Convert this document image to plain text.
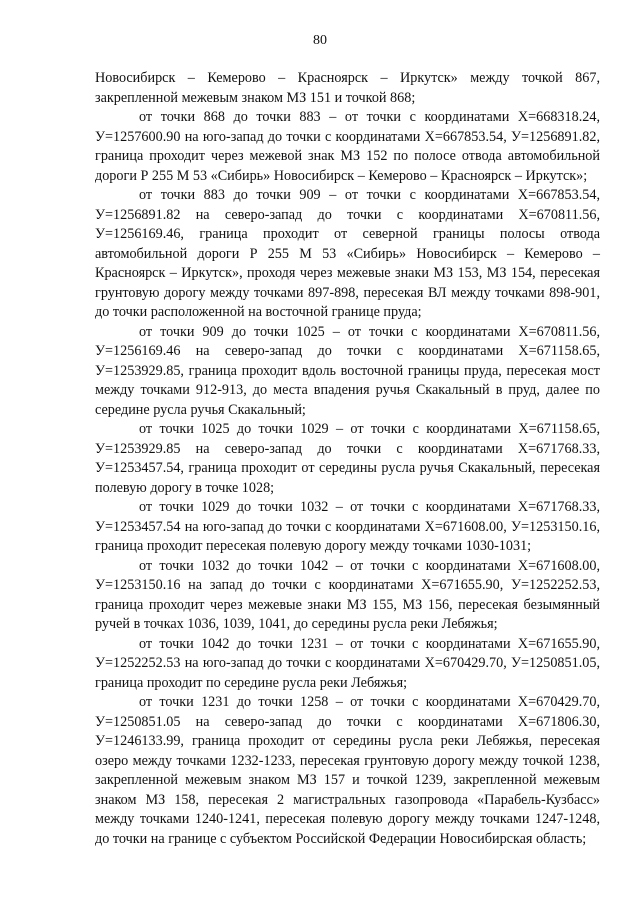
80

Новосибирск – Кемерово – Красноярск – Иркутск» между точкой 867, закрепленной межевым знаком МЗ 151 и точкой 868;

от точки 868 до точки 883 – от точки с координатами Х=668318.24, У=1257600.90 на юго-запад до точки с координатами Х=667853.54, У=1256891.82, граница проходит через межевой знак МЗ 152 по полосе отвода автомобильной дороги Р 255 М 53 «Сибирь» Новосибирск – Кемерово – Красноярск – Иркутск»;

от точки 883 до точки 909 – от точки с координатами Х=667853.54, У=1256891.82 на северо-запад до точки с координатами Х=670811.56, У=1256169.46, граница проходит от северной границы полосы отвода автомобильной дороги Р 255 М 53 «Сибирь» Новосибирск – Кемерово – Красноярск – Иркутск», проходя через межевые знаки МЗ 153, МЗ 154, пересекая грунтовую дорогу между точками 897-898, пересекая ВЛ между точками 898-901, до точки расположенной на восточной границе пруда;

от точки 909 до точки 1025 – от точки с координатами Х=670811.56, У=1256169.46 на северо-запад до точки с координатами Х=671158.65, У=1253929.85, граница проходит вдоль восточной границы пруда, пересекая мост между точками 912-913, до места впадения ручья Скакальный в пруд, далее по середине русла ручья Скакальный;

от точки 1025 до точки 1029 – от точки с координатами Х=671158.65, У=1253929.85 на северо-запад до точки с координатами Х=671768.33, У=1253457.54, граница проходит от середины русла ручья Скакальный, пересекая полевую дорогу в точке 1028;

от точки 1029 до точки 1032 – от точки с координатами Х=671768.33, У=1253457.54 на юго-запад до точки с координатами Х=671608.00, У=1253150.16, граница проходит пересекая полевую дорогу между точками 1030-1031;

от точки 1032 до точки 1042 – от точки с координатами Х=671608.00, У=1253150.16 на запад до точки с координатами Х=671655.90, У=1252252.53, граница проходит через межевые знаки МЗ 155, МЗ 156, пересекая безымянный ручей в точках 1036, 1039, 1041, до середины русла реки Лебяжья;

от точки 1042 до точки 1231 – от точки с координатами Х=671655.90, У=1252252.53 на юго-запад до точки с координатами Х=670429.70, У=1250851.05, граница проходит по середине русла реки Лебяжья;

от точки 1231 до точки 1258 – от точки с координатами Х=670429.70, У=1250851.05 на северо-запад до точки с координатами Х=671806.30, У=1246133.99, граница проходит от середины русла реки Лебяжья, пересекая озеро между точками 1232-1233, пересекая грунтовую дорогу между точкой 1238, закрепленной межевым знаком МЗ 157 и точкой 1239, закрепленной межевым знаком МЗ 158, пересекая 2 магистральных газопровода «Парабель-Кузбасс» между точками 1240-1241, пересекая полевую дорогу между точками 1247-1248, до точки на границе с субъектом Российской Федерации Новосибирская область;
